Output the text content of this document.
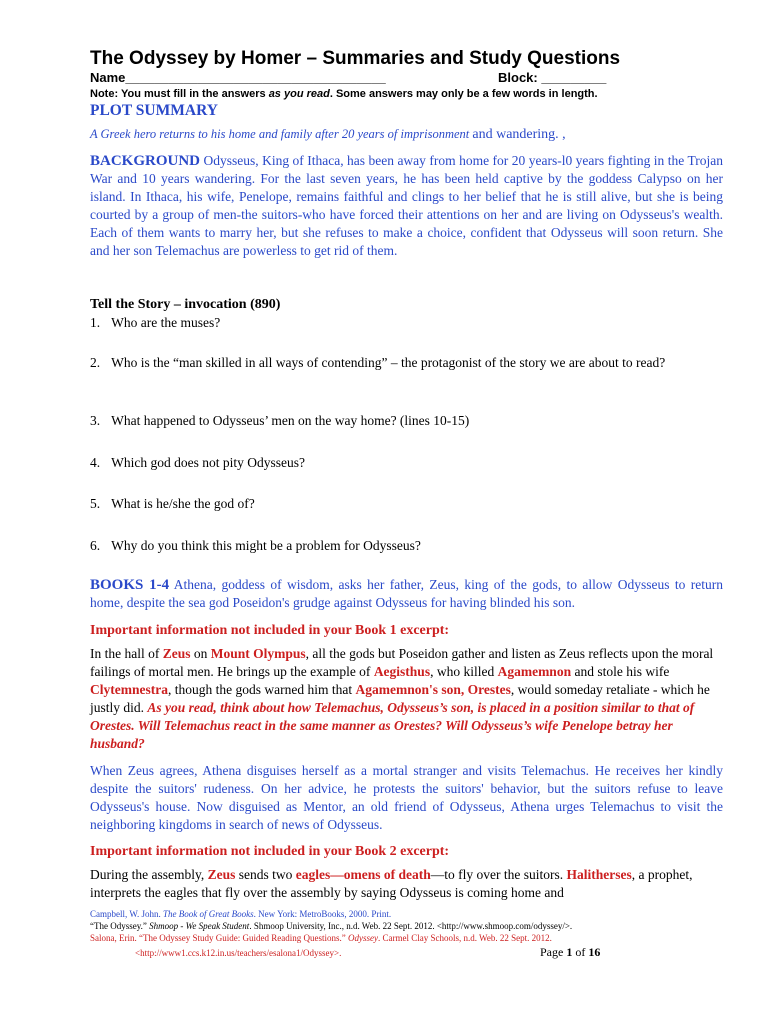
The Odyssey by Homer – Summaries and Study Questions
Name____________________________________	Block: _________
Note: You must fill in the answers as you read. Some answers may only be a few words in length.
PLOT SUMMARY
A Greek hero returns to his home and family after 20 years of imprisonment and wandering. ,
BACKGROUND Odysseus, King of Ithaca, has been away from home for 20 years-l0 years fighting in the Trojan War and 10 years wandering. For the last seven years, he has been held captive by the goddess Calypso on her island. In Ithaca, his wife, Penelope, remains faithful and clings to her belief that he is still alive, but she is being courted by a group of men-the suitors-who have forced their attentions on her and are living on Odysseus's wealth. Each of them wants to marry her, but she refuses to make a choice, confident that Odysseus will soon return. She and her son Telemachus are powerless to get rid of them.
Tell the Story – invocation (890)
1. Who are the muses?
2. Who is the “man skilled in all ways of contending” – the protagonist of the story we are about to read?
3. What happened to Odysseus’ men on the way home? (lines 10-15)
4. Which god does not pity Odysseus?
5. What is he/she the god of?
6. Why do you think this might be a problem for Odysseus?
BOOKS 1-4 Athena, goddess of wisdom, asks her father, Zeus, king of the gods, to allow Odysseus to return home, despite the sea god Poseidon's grudge against Odysseus for having blinded his son.
Important information not included in your Book 1 excerpt:
In the hall of Zeus on Mount Olympus, all the gods but Poseidon gather and listen as Zeus reflects upon the moral failings of mortal men. He brings up the example of Aegisthus, who killed Agamemnon and stole his wife Clytemnestra, though the gods warned him that Agamemnon's son, Orestes, would someday retaliate - which he justly did. As you read, think about how Telemachus, Odysseus’s son, is placed in a position similar to that of Orestes. Will Telemachus react in the same manner as Orestes? Will Odysseus’s wife Penelope betray her husband?
When Zeus agrees, Athena disguises herself as a mortal stranger and visits Telemachus. He receives her kindly despite the suitors' rudeness. On her advice, he protests the suitors' behavior, but the suitors refuse to leave Odysseus's house. Now disguised as Mentor, an old friend of Odysseus, Athena urges Telemachus to visit the neighboring kingdoms in search of news of Odysseus.
Important information not included in your Book 2 excerpt:
During the assembly, Zeus sends two eagles—omens of death—to fly over the suitors. Halitherses, a prophet, interprets the eagles that fly over the assembly by saying Odysseus is coming home and
Campbell, W. John. The Book of Great Books. New York: MetroBooks, 2000. Print.
“The Odyssey.” Shmoop - We Speak Student. Shmoop University, Inc., n.d. Web. 22 Sept. 2012. <http://www.shmoop.com/odyssey/>.
Salona, Erin. “The Odyssey Study Guide: Guided Reading Questions.” Odyssey. Carmel Clay Schools, n.d. Web. 22 Sept. 2012.
<http://www1.ccs.k12.in.us/teachers/esalona1/Odyssey>.	Page 1 of 16
